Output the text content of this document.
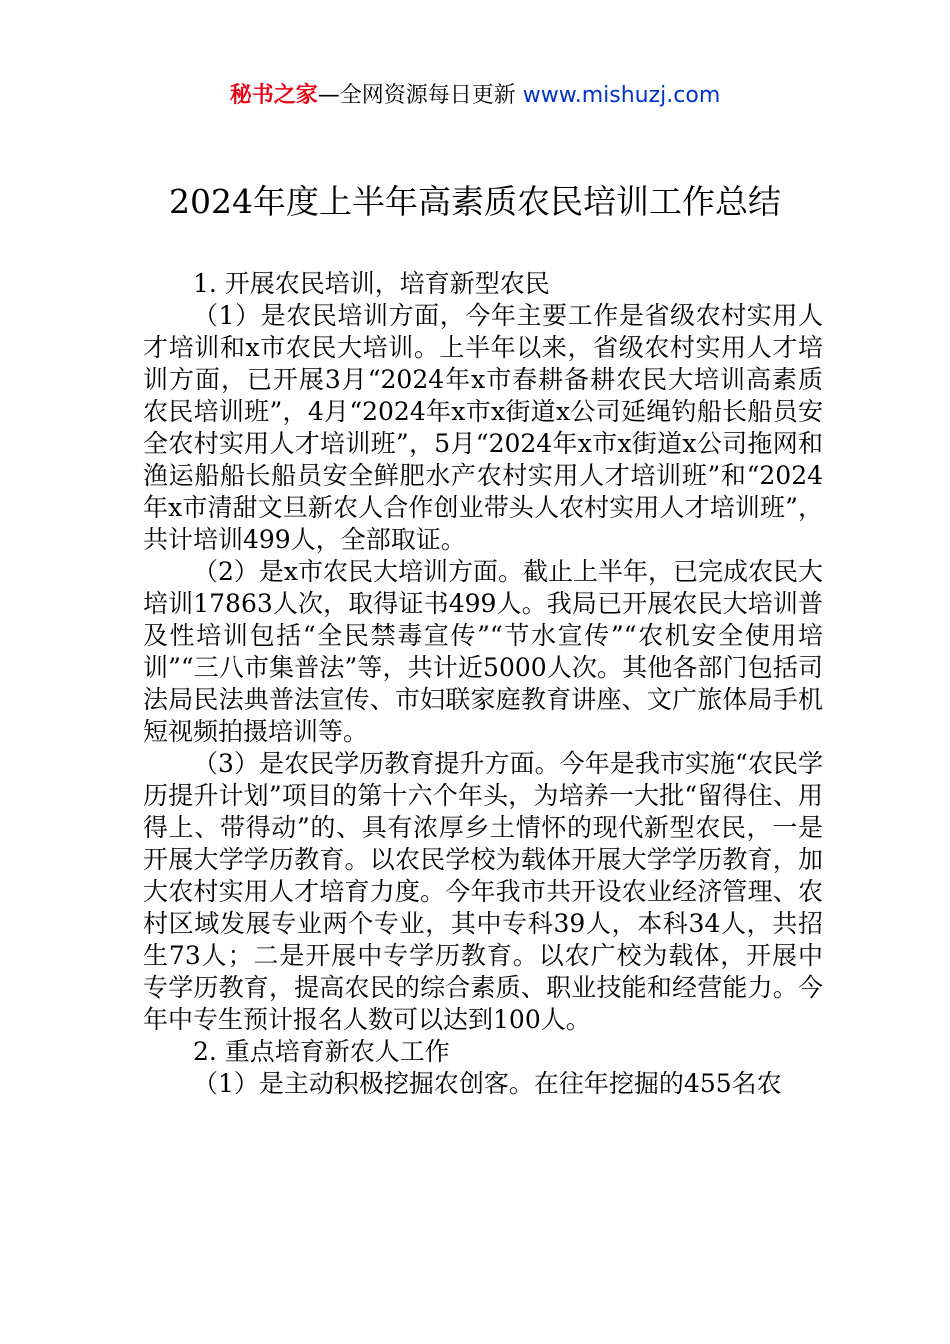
秘书之家—全网资源每日更新 www.mishuzj.com
2024年度上半年高素质农民培训工作总结

1. 开展农民培训，培育新型农民

（1）是农民培训方面，今年主要工作是省级农村实用人才培训和x市农民大培训。上半年以来，省级农村实用人才培训方面，已开展3月“2024年x市春耕备耕农民大培训高素质农民培训班”，4月“2024年x市x街道x公司延绳钓船长船员安全农村实用人才培训班”，5月“2024年x市x街道x公司拖网和渔运船船长船员安全鲜肥水产农村实用人才培训班”和“2024年x市清甜文旦新农人合作创业带头人农村实用人才培训班”，共计培训499人，全部取证。

（2）是x市农民大培训方面。截止上半年，已完成农民大培训17863人次，取得证书499人。我局已开展农民大培训普及性培训包括“全民禁毒宣传”“节水宣传”“农机安全使用培训”“三八市集普法”等，共计近5000人次。其他各部门包括司法局民法典普法宣传、市妇联家庭教育讲座、文广旅体局手机短视频拍摄培训等。

（3）是农民学历教育提升方面。今年是我市实施“农民学历提升计划”项目的第十六个年头，为培养一大批“留得住、用得上、带得动”的、具有浓厚乡土情怀的现代新型农民，一是开展大学学历教育。以农民学校为载体开展大学学历教育，加大农村实用人才培育力度。今年我市共开设农业经济管理、农村区域发展专业两个专业，其中专科39人，本科34人，共招生73人；二是开展中专学历教育。以农广校为载体，开展中专学历教育，提高农民的综合素质、职业技能和经营能力。今年中专生预计报名人数可以达到100人。

2. 重点培育新农人工作

（1）是主动积极挖掘农创客。在往年挖掘的455名农
